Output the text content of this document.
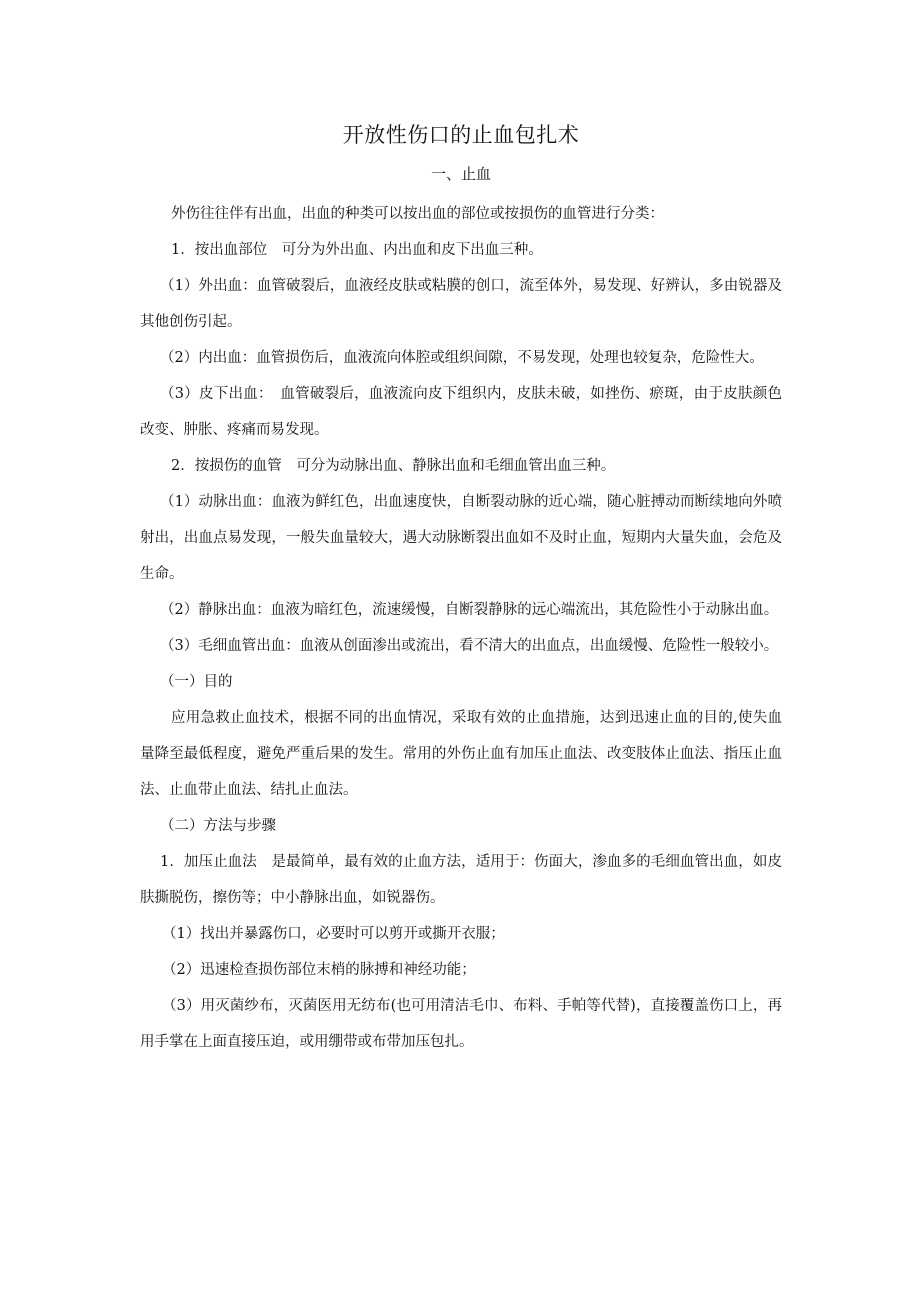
开放性伤口的止血包扎术
一、止血

外伤往往伴有出血，出血的种类可以按出血的部位或按损伤的血管进行分类：

1．按出血部位　可分为外出血、内出血和皮下出血三种。

（1）外出血：血管破裂后，血液经皮肤或粘膜的创口，流至体外，易发现、好辨认，多由锐器及其他创伤引起。

（2）内出血：血管损伤后，血液流向体腔或组织间隙，不易发现，处理也较复杂，危险性大。

（3）皮下出血：　血管破裂后，血液流向皮下组织内，皮肤未破，如挫伤、瘀斑，由于皮肤颜色改变、肿胀、疼痛而易发现。

2．按损伤的血管　可分为动脉出血、静脉出血和毛细血管出血三种。

（1）动脉出血：血液为鲜红色，出血速度快，自断裂动脉的近心端，随心脏搏动而断续地向外喷射出，出血点易发现，一般失血量较大，遇大动脉断裂出血如不及时止血，短期内大量失血，会危及生命。

（2）静脉出血：血液为暗红色，流速缓慢，自断裂静脉的远心端流出，其危险性小于动脉出血。

（3）毛细血管出血：血液从创面渗出或流出，看不清大的出血点，出血缓慢、危险性一般较小。

（一）目的

应用急救止血技术，根据不同的出血情况，采取有效的止血措施，达到迅速止血的目的,使失血量降至最低程度，避免严重后果的发生。常用的外伤止血有加压止血法、改变肢体止血法、指压止血法、止血带止血法、结扎止血法。

（二）方法与步骤

1．加压止血法　是最简单，最有效的止血方法，适用于：伤面大，渗血多的毛细血管出血，如皮肤撕脱伤，擦伤等；中小静脉出血，如锐器伤。

（1）找出并暴露伤口，必要时可以剪开或撕开衣服；

（2）迅速检查损伤部位末梢的脉搏和神经功能；

（3）用灭菌纱布，灭菌医用无纺布(也可用清洁毛巾、布料、手帕等代替)，直接覆盖伤口上，再用手掌在上面直接压迫，或用绷带或布带加压包扎。
